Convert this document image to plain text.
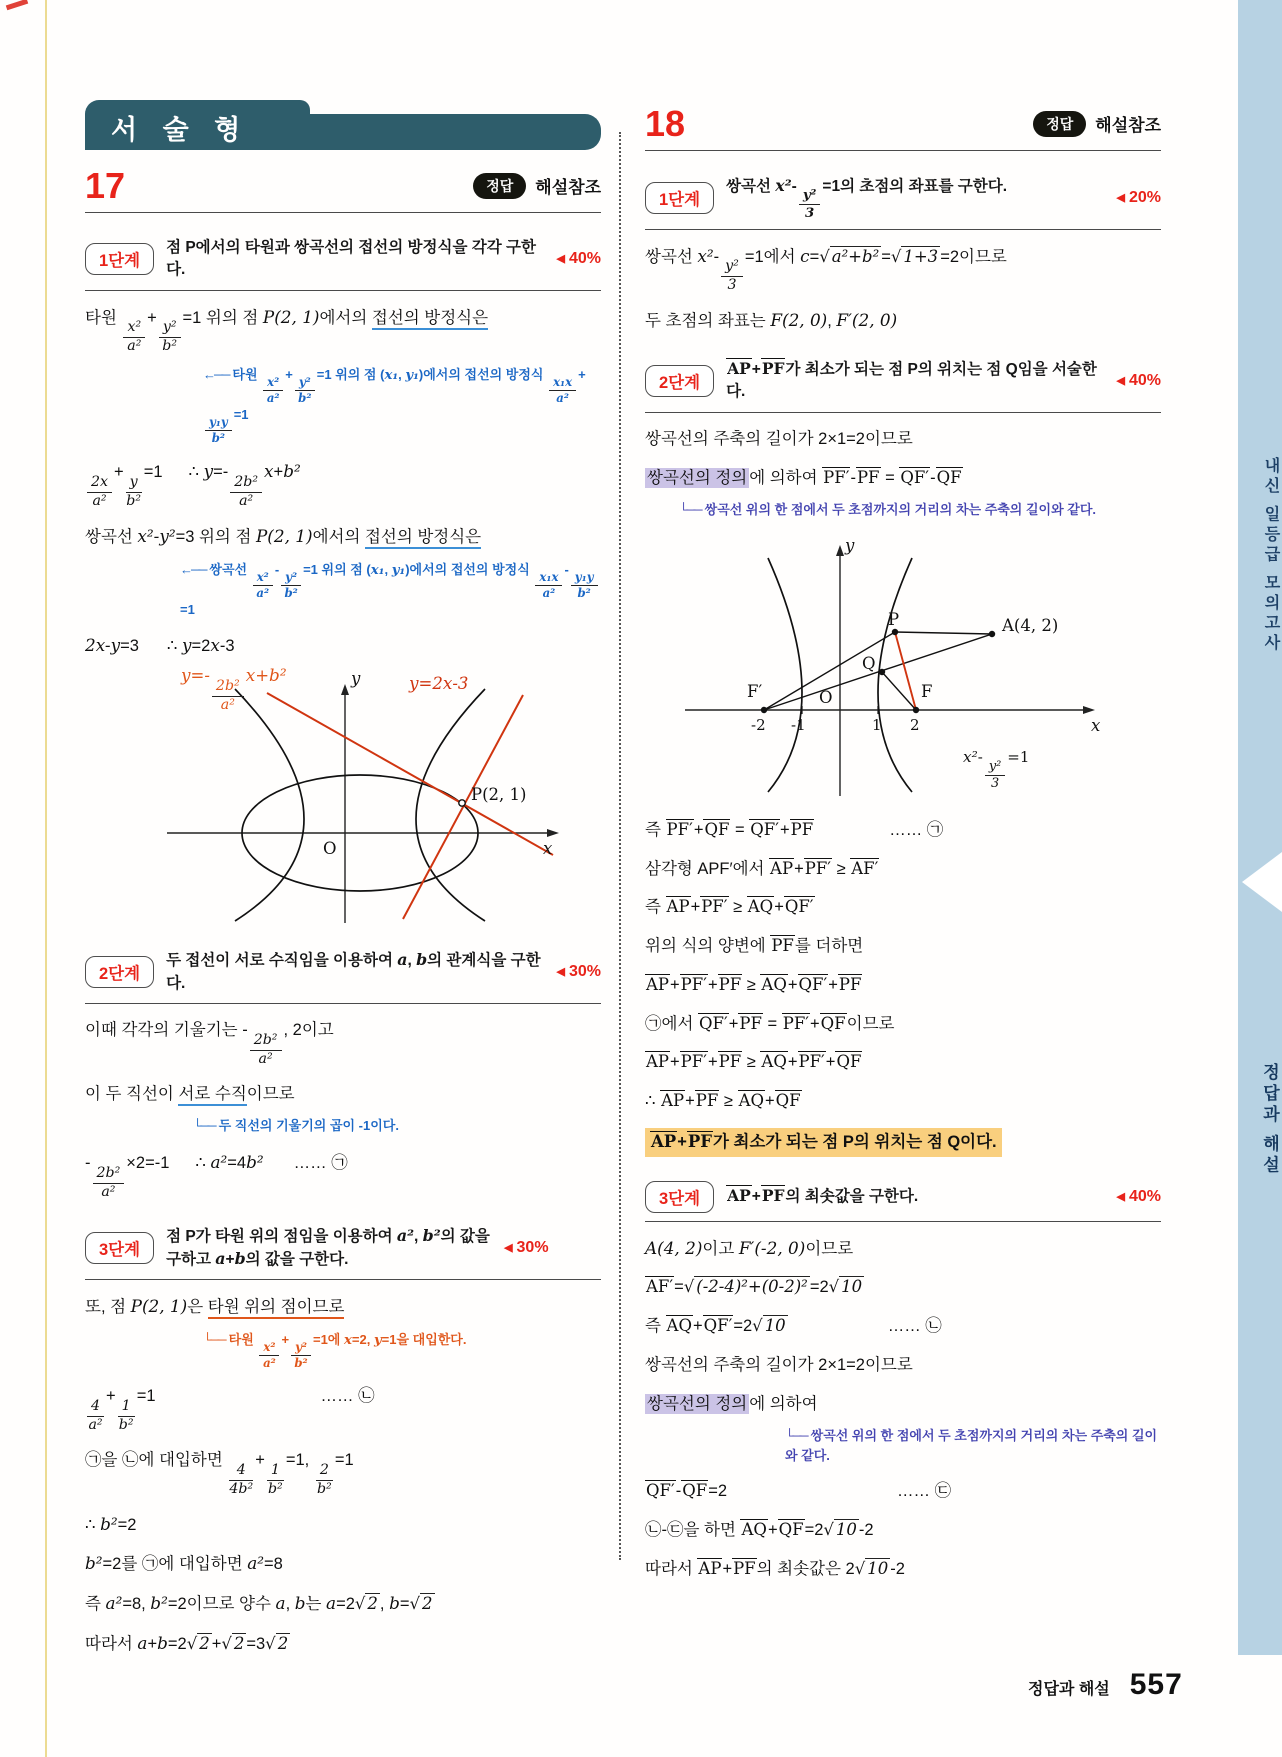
서 술 형
17	정답	해설참조
1단계
점 P에서의 타원과 쌍곡선의 접선의 방정식을 각각 구한다.
◀ 40%
타원
$\frac{\text{x²}}{\text{a²}}$
+
$\frac{\text{y²}}{\text{b²}}$
=1 위의 점 P(2, 1)에서의 접선의 방정식은
←── 타원
$\frac{\text{x²}}{\text{a²}}$
+
$\frac{\text{y²}}{\text{b²}}$
=1 위의 점 (x₁, y₁)에서의 접선의 방정식
$\frac{\text{x₁x}}{\text{a²}}$
+
$\frac{\text{y₁y}}{\text{b²}}$
=1
$\frac{2x}{\text{a²}}$
+
$\frac{y}{\text{b²}}$
=1 ∴ y=-
$\frac{\text{2b²}}{\text{a²}}$
x+b²
쌍곡선 x²-y²=3 위의 점 P(2, 1)에서의 접선의 방정식은
←── 쌍곡선
$\frac{\text{x²}}{\text{a²}}$
-
$\frac{\text{y²}}{\text{b²}}$
=1 위의 점 (x₁, y₁)에서의 접선의 방정식
$\frac{\text{x₁x}}{\text{a²}}$
-
$\frac{\text{y₁y}}{\text{b²}}$
=1
2x-y=3 ∴ y=2x-3
y=-
$\frac{\text{2b²}}{\text{a²}}$
x+b²	y=2x-3
P(2, 1)
O	x
y
2단계
두 접선이 서로 수직임을 이용하여 a, b의 관계식을 구한다.
◀ 30%
이때 각각의 기울기는 -
$\frac{\text{2b²}}{\text{a²}}$
, 2이고
이 두 직선이 서로 수직이므로
└── 두 직선의 기울기의 곱이 -1이다.
-
$\frac{\text{2b²}}{\text{a²}}$
×2=-1 ∴ a²=4b² …… ㉠
3단계
점 P가 타원 위의 점임을 이용하여 a², b²의 값을 구하고 a+b의 값을 구한다.
◀ 30%
또, 점 P(2, 1)은 타원 위의 점이므로
└── 타원
$\frac{\text{x²}}{\text{a²}}$
+
$\frac{\text{y²}}{\text{b²}}$
=1에 x=2, y=1을 대입한다.
$\frac{4}{\text{a²}}$
+
$\frac{1}{\text{b²}}$
=1	…… ㉡
㉠을 ㉡에 대입하면
$\frac{4}{\text{4b²}}$
+
$\frac{1}{\text{b²}}$
=1,
$\frac{2}{\text{b²}}$
=1
∴ b²=2
b²=2를 ㉠에 대입하면 a²=8
즉 a²=8, b²=2이므로 양수 a, b는 a=2√ 2 , b=√ 2
따라서 a+b=2√ 2 +√ 2 =3√ 2
18	정답	해설참조
1단계
쌍곡선 x²-
$\frac{\text{y²}}{3}$
=1의 초점의 좌표를 구한다.
◀ 20%
쌍곡선 x²-
$\frac{\text{y²}}{3}$
=1에서 c=√ a²+b² =√ 1+3 =2이므로
두 초점의 좌표는 F(2, 0), F′(2, 0)
2단계
AP+PF가 최소가 되는 점 P의 위치는 점 Q임을 서술한다.
◀ 40%
쌍곡선의 주축의 길이가 2×1=2이므로
쌍곡선의 정의 에 의하여 PF′-PF = QF′-QF
└── 쌍곡선 위의 한 점에서 두 초점까지의 거리의 차는 주축의 길이와 같다.
P
Q
F′	F
A(4, 2)
O
x
y
-2 -1	1 2
x²-
$\frac{\text{y²}}{3}$
=1
즉 PF′+QF = QF′+PF	…… ㉠
삼각형 APF′에서 AP+PF′ ≥ AF′
즉 AP+PF′ ≥ AQ+QF′
위의 식의 양변에 PF를 더하면
AP+PF′+PF ≥ AQ+QF′+PF
㉠에서 QF′+PF = PF′+QF이므로
AP+PF′+PF ≥ AQ+PF′+QF
∴ AP+PF ≥ AQ+QF
AP+PF가 최소가 되는 점 P의 위치는 점 Q이다.
3단계	AP+PF의 최솟값을 구한다.	◀ 40%
A(4, 2)이고 F′(-2, 0)이므로
AF′=√ (-2-4)²+(0-2)² =2√ 10
즉 AQ+QF′=2√ 10	…… ㉡
쌍곡선의 주축의 길이가 2×1=2이므로
쌍곡선의 정의 에 의하여
└── 쌍곡선 위의 한 점에서 두 초점까지의 거리의 차는 주축의 길이와 같다.
QF′-QF=2	…… ㉢
㉡-㉢을 하면 AQ+QF=2√ 10 -2
따라서 AP+PF의 최솟값은 2√ 10 -2
내신 일등급 모의고사
정답과 해설
정답과 해설 557
